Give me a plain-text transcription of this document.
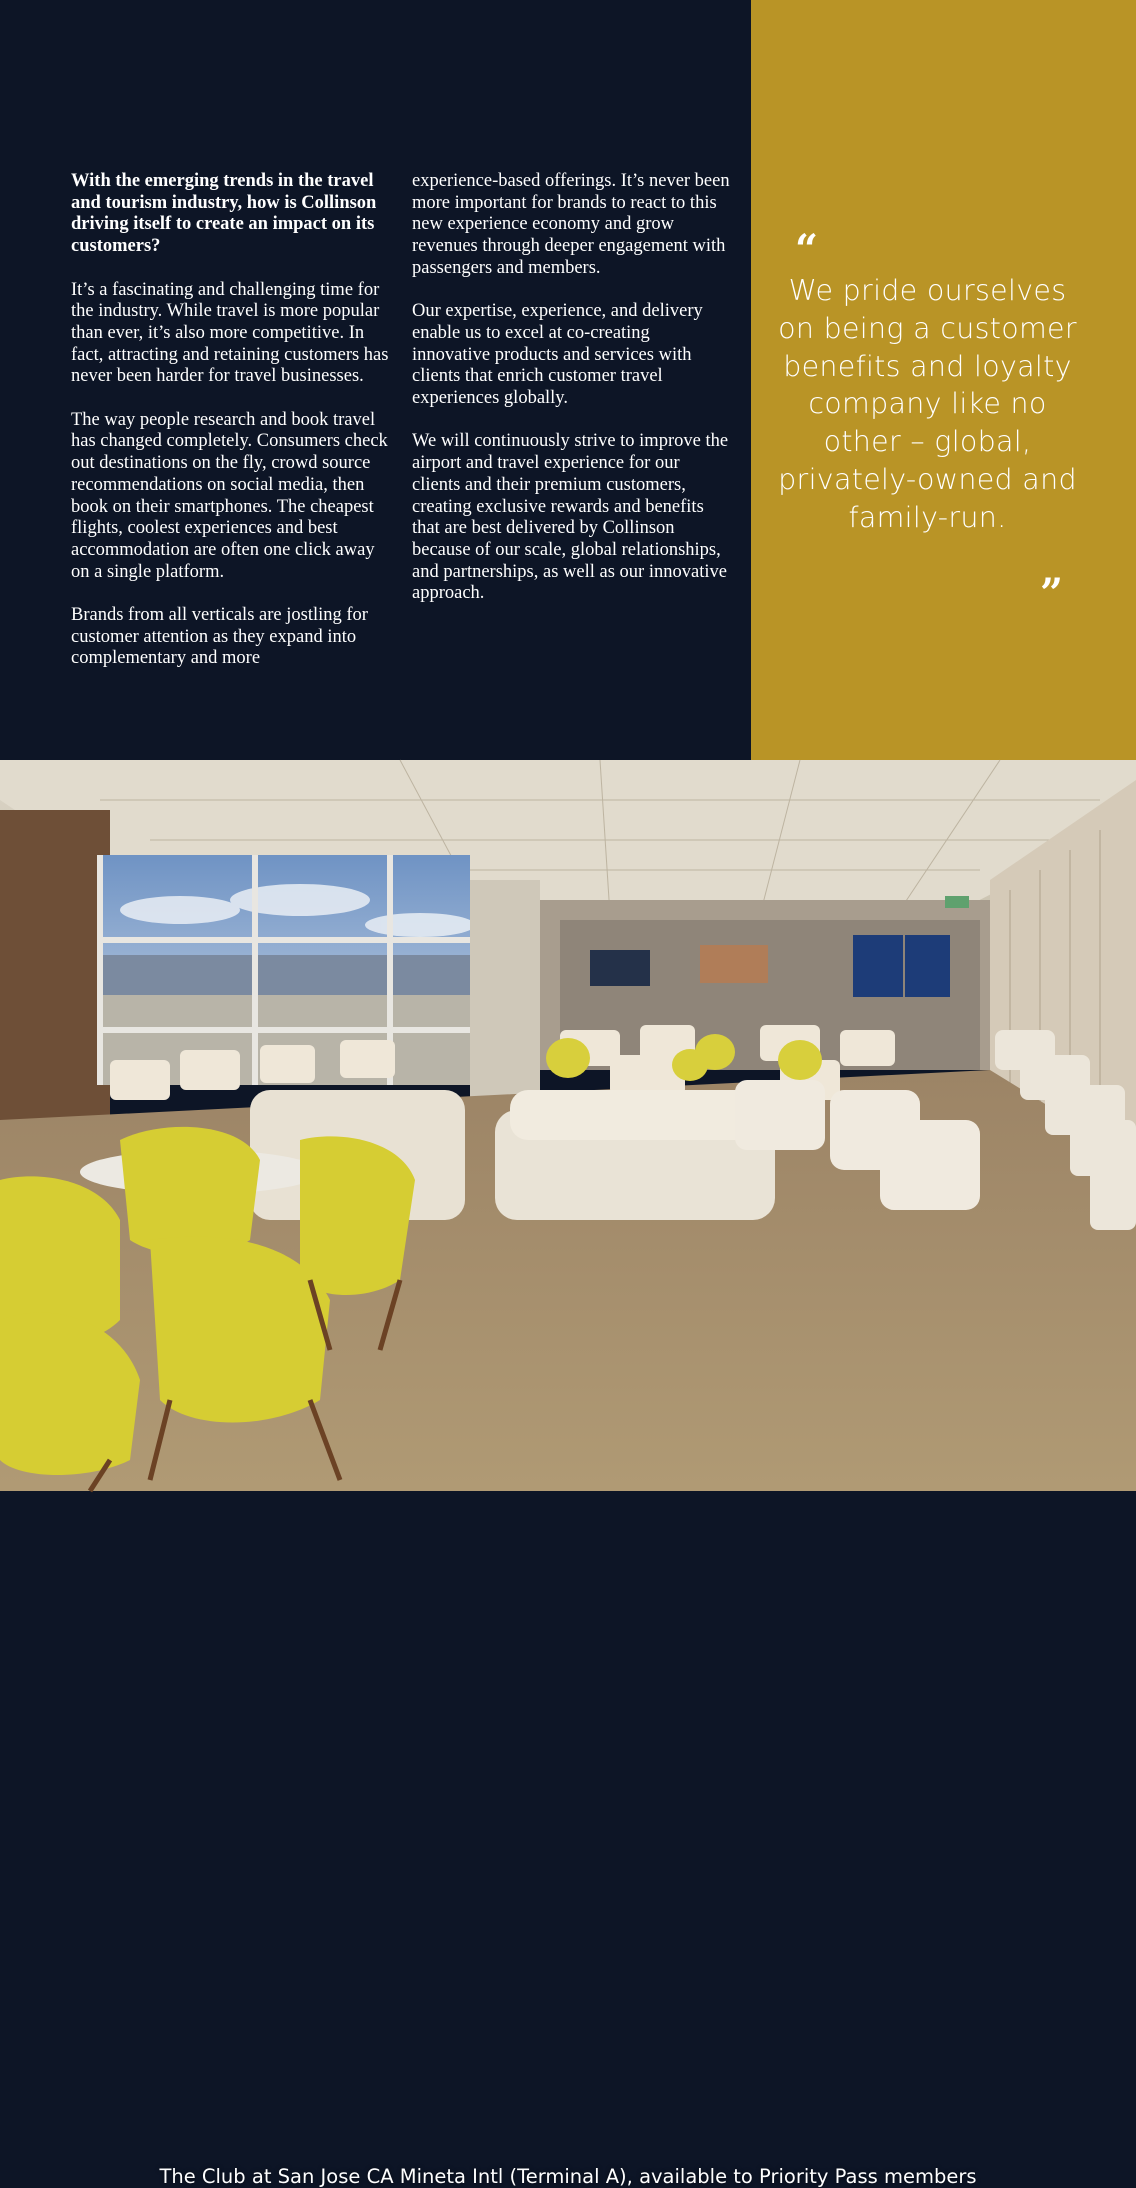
With the emerging trends in the travel and tourism industry, how is Collinson driving itself to create an impact on its customers?

It’s a fascinating and challenging time for the industry. While travel is more popular than ever, it’s also more competitive. In fact, attracting and retaining customers has never been harder for travel businesses.

The way people research and book travel has changed completely. Consumers check out destinations on the fly, crowd source recommendations on social media, then book on their smartphones. The cheapest flights, coolest experiences and best accommodation are often one click away on a single platform.

Brands from all verticals are jostling for customer attention as they expand into complementary and more

experience-based offerings. It’s never been more important for brands to react to this new experience economy and grow revenues through deeper engagement with passengers and members.

Our expertise, experience, and delivery enable us to excel at co-creating innovative products and services with clients that enrich customer travel experiences globally.

We will continuously strive to improve the airport and travel experience for our clients and their premium customers, creating exclusive rewards and benefits that are best delivered by Collinson because of our scale, global relationships, and partnerships, as well as our innovative approach.

“
We pride ourselves on being a customer benefits and loyalty company like no other – global, privately-owned and family-run.
”
The Club at San Jose CA Mineta Intl (Terminal A), available to Priority Pass members
